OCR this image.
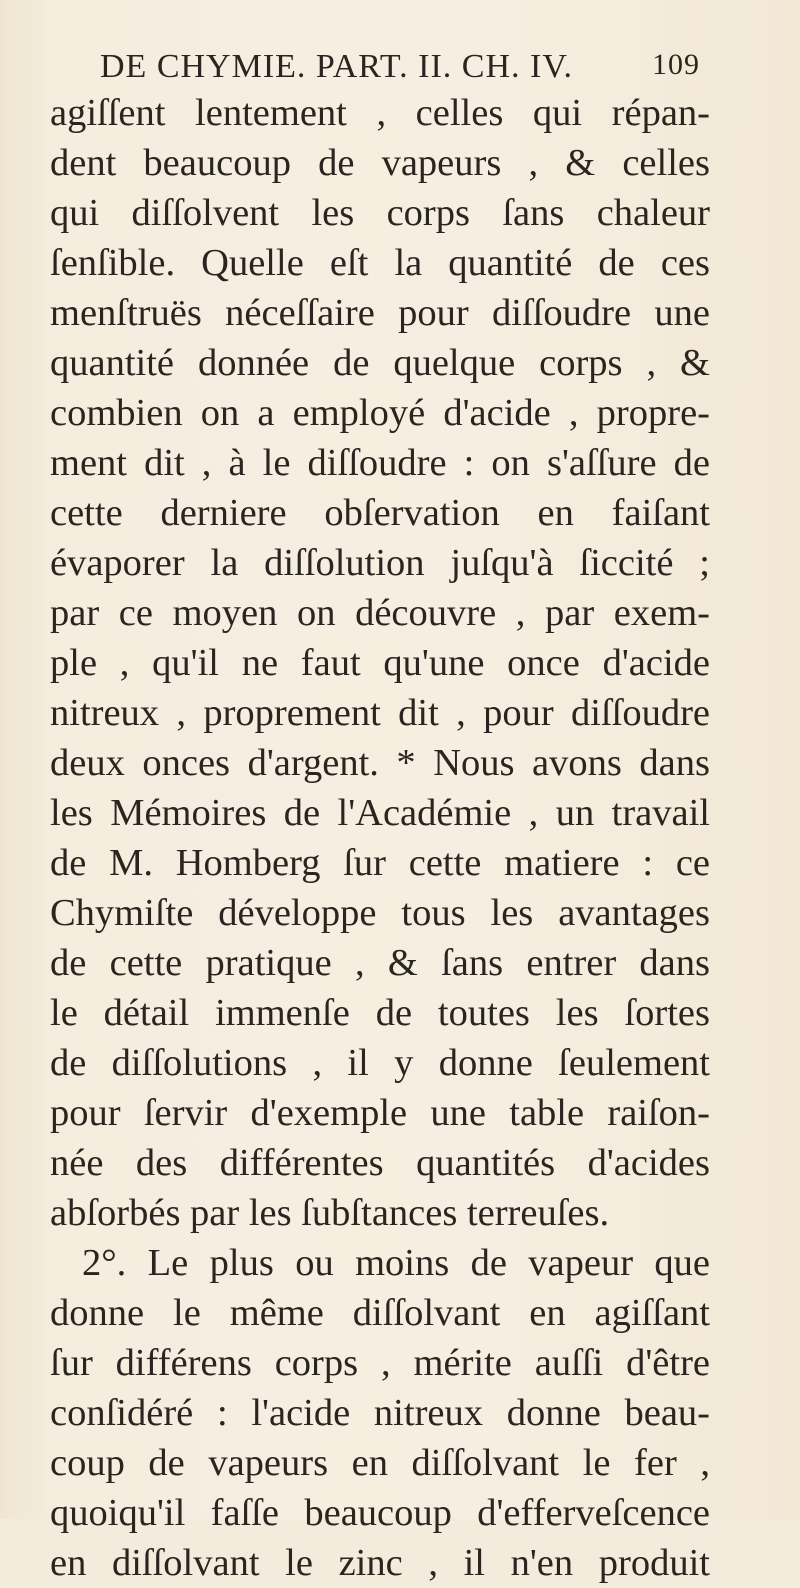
DE CHYMIE. PART. II. CH. IV.	109
agiſſent lentement , celles qui répan-
dent beaucoup de vapeurs , & celles
qui diſſolvent les corps ſans chaleur
ſenſible. Quelle eſt la quantité de ces
menſtruës néceſſaire pour diſſoudre une
quantité donnée de quelque corps , &
combien on a employé d'acide , propre-
ment dit , à le diſſoudre : on s'aſſure de
cette derniere obſervation en faiſant
évaporer la diſſolution juſqu'à ſiccité ;
par ce moyen on découvre , par exem-
ple , qu'il ne faut qu'une once d'acide
nitreux , proprement dit , pour diſſoudre
deux onces d'argent. * Nous avons dans
les Mémoires de l'Académie , un travail
de M. Homberg ſur cette matiere : ce
Chymiſte développe tous les avantages
de cette pratique , & ſans entrer dans
le détail immenſe de toutes les ſortes
de diſſolutions , il y donne ſeulement
pour ſervir d'exemple une table raiſon-
née des différentes quantités d'acides
abſorbés par les ſubſtances terreuſes.
2°. Le plus ou moins de vapeur que
donne le même diſſolvant en agiſſant
ſur différens corps , mérite auſſi d'être
conſidéré : l'acide nitreux donne beau-
coup de vapeurs en diſſolvant le fer ,
quoiqu'il faſſe beaucoup d'efferveſcence
en diſſolvant le zinc , il n'en produit
